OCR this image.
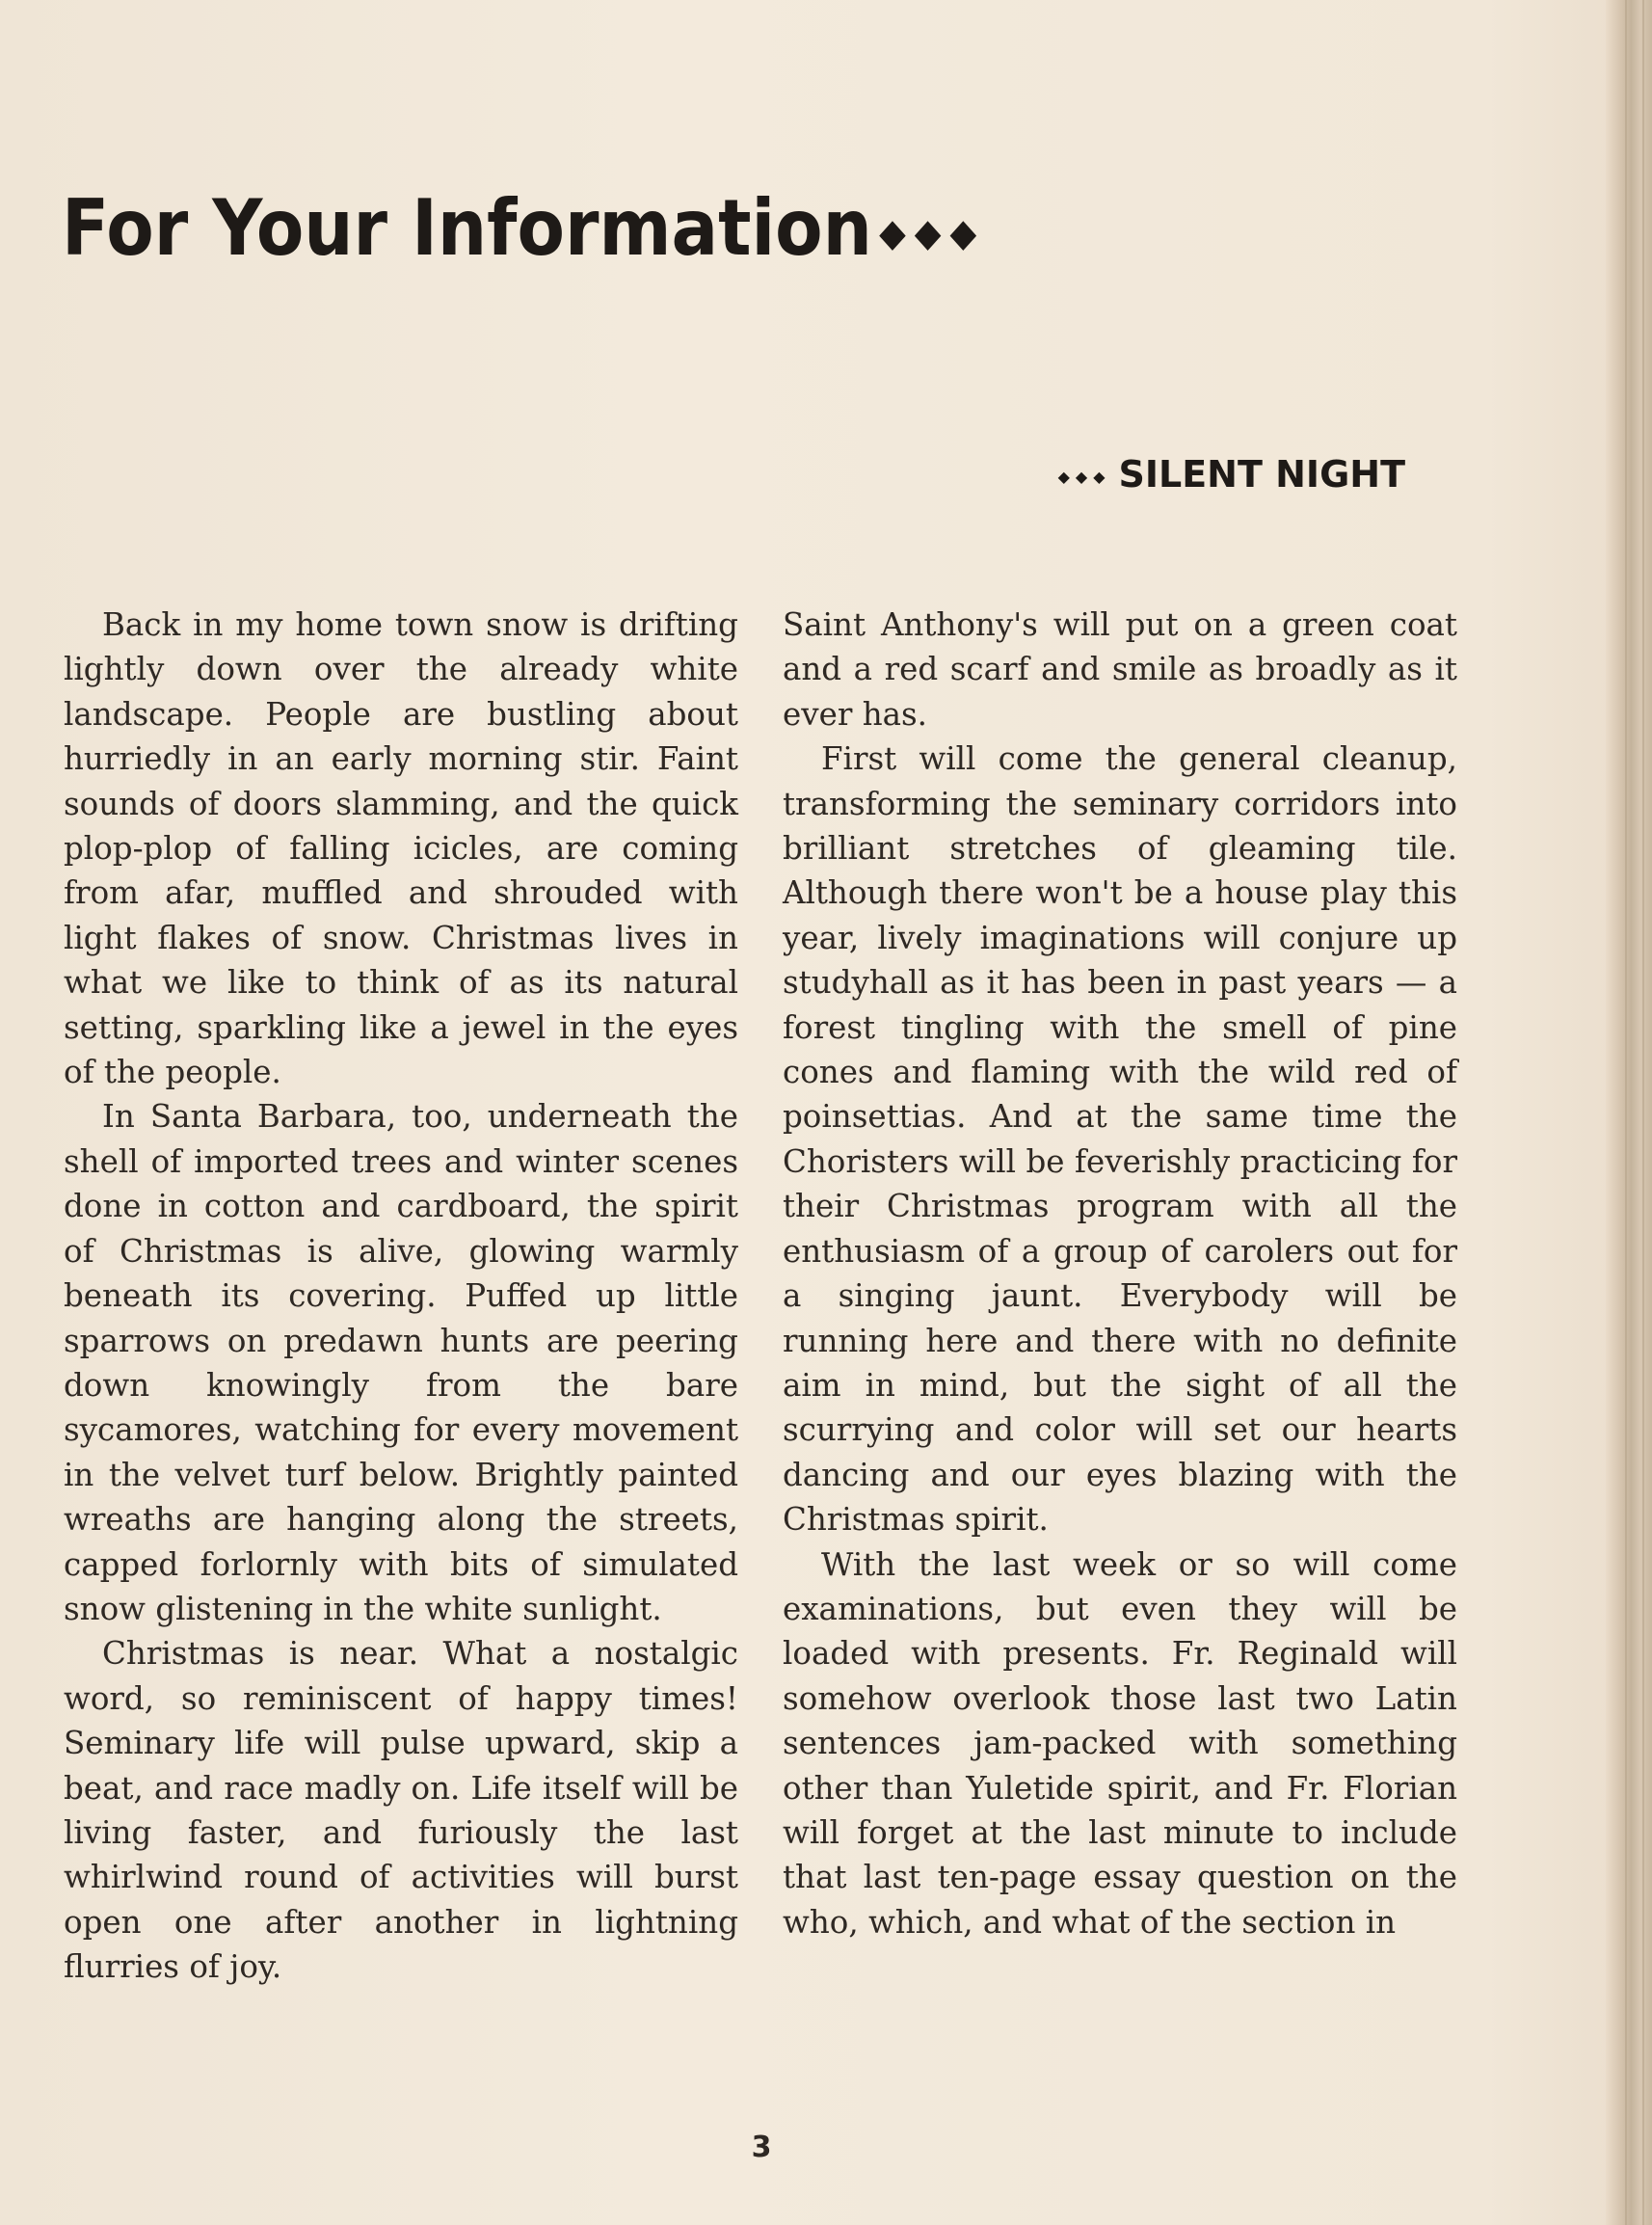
For Your Information ◆◆◆
◆◆◆ SILENT NIGHT

Back in my home town snow is drifting lightly down over the already white landscape. People are bustling about hurriedly in an early morning stir. Faint sounds of doors slamming, and the quick plop-plop of falling icicles, are coming from afar, muffled and shrouded with light flakes of snow. Christmas lives in what we like to think of as its natural setting, sparkling like a jewel in the eyes of the people.

In Santa Barbara, too, underneath the shell of imported trees and winter scenes done in cotton and cardboard, the spirit of Christmas is alive, glowing warmly beneath its covering. Puffed up little sparrows on predawn hunts are peering down knowingly from the bare sycamores, watching for every movement in the velvet turf below. Brightly painted wreaths are hanging along the streets, capped forlornly with bits of simulated snow glistening in the white sunlight.

Christmas is near. What a nostalgic word, so reminiscent of happy times! Seminary life will pulse upward, skip a beat, and race madly on. Life itself will be living faster, and furiously the last whirlwind round of activities will burst open one after another in lightning flurries of joy.

Saint Anthony's will put on a green coat and a red scarf and smile as broadly as it ever has.

First will come the general cleanup, transforming the seminary corridors into brilliant stretches of gleaming tile. Although there won't be a house play this year, lively imaginations will conjure up studyhall as it has been in past years — a forest tingling with the smell of pine cones and flaming with the wild red of poinsettias. And at the same time the Choristers will be feverishly practicing for their Christmas program with all the enthusiasm of a group of carolers out for a singing jaunt. Everybody will be running here and there with no definite aim in mind, but the sight of all the scurrying and color will set our hearts dancing and our eyes blazing with the Christmas spirit.

With the last week or so will come examinations, but even they will be loaded with presents. Fr. Reginald will somehow overlook those last two Latin sentences jam-packed with something other than Yuletide spirit, and Fr. Florian will forget at the last minute to include that last ten-page essay question on the who, which, and what of the section in

3
